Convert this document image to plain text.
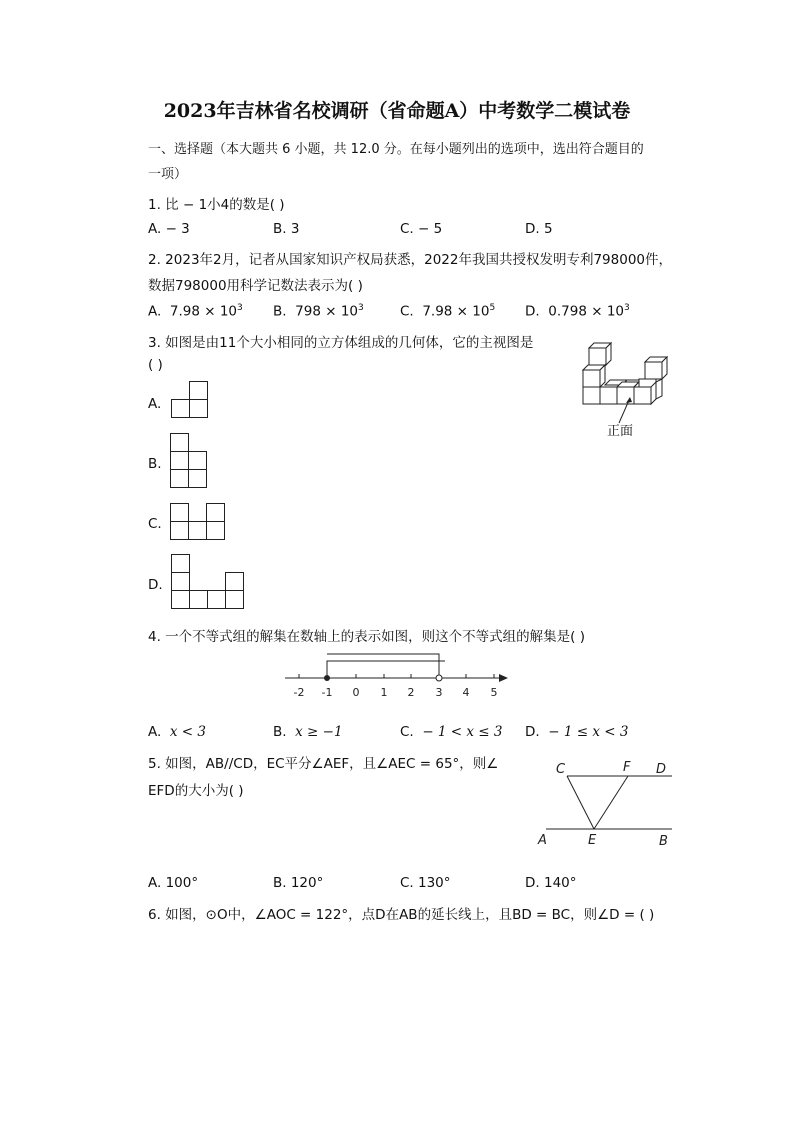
2023年吉林省名校调研（省命题A）中考数学二模试卷
一、选择题（本大题共 6 小题，共 12.0 分。在每小题列出的选项中，选出符合题目的
一项）
1. 比 − 1小4的数是( )
A. − 3	B. 3	C. − 5	D. 5
2. 2023年2月，记者从国家知识产权局获悉，2022年我国共授权发明专利798000件，
数据798000用科学记数法表示为( )
A. $7.98 \times 10^3$ B. $798 \times 10^3$	C. $7.98 \times 10^5$ D. $0.798 \times 10^3$
3. 如图是由11个大小相同的立方体组成的几何体，它的主视图是
( )
正面
A.
B.
C.
D.
4. 一个不等式组的解集在数轴上的表示如图，则这个不等式组的解集是( )
-2 -1 0 1 2 3 4 5
A. x < 3	B. x ≥ −1	C. − 1 < x ≤ 3 D. − 1 ≤ x < 3
5. 如图，AB//CD，EC平分∠AEF，且∠AEC = 65°，则∠
EFD的大小为( )
C	F D
A	E	B
A. 100°	B. 120°	C. 130°	D. 140°
6. 如图，⊙O中，∠AOC = 122°，点D在AB的延长线上，且BD = BC，则∠D = ( )
